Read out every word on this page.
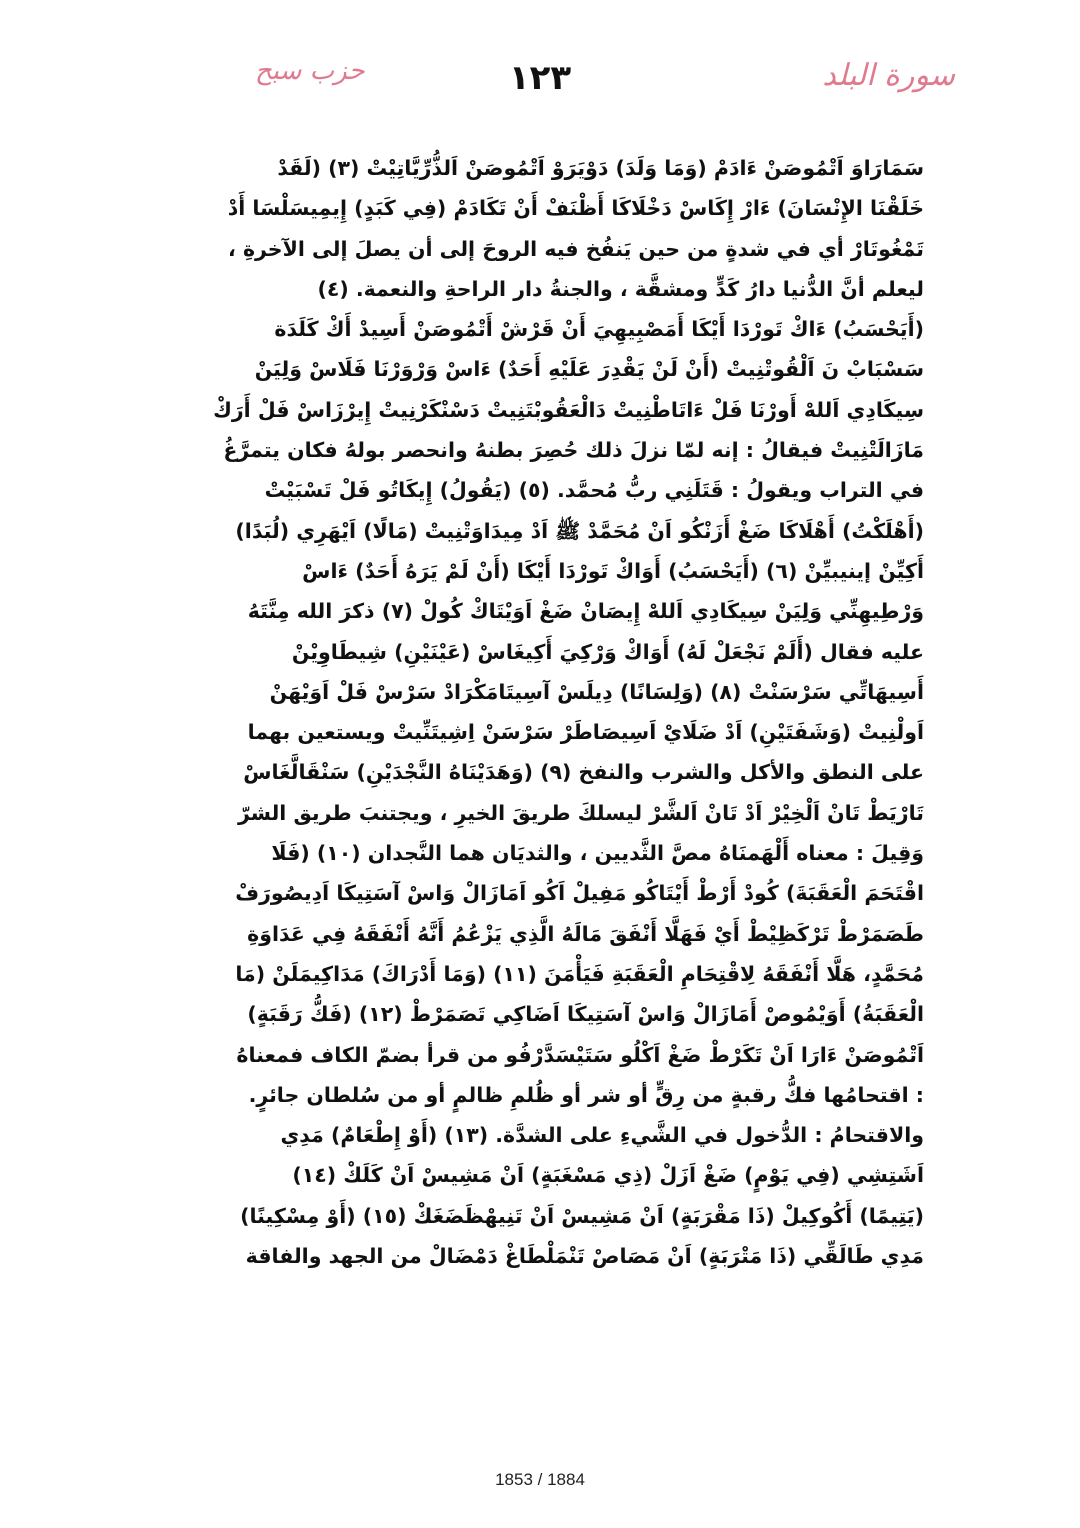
سورة البلد
١٢٣
حزب سبح
سَمَارَاوَ اَتْمُوصَنْ ءَادَمْ (وَمَا وَلَدَ) دَوْيَرَوْ اَتْمُوصَنْ اَلذُّرِّيَّاتِيْتْ (٣) (لَقَدْ
خَلَقْنَا الإِنْسَانَ) ءَارْ إِكَاسْ دَخْلَاكَا أَظْنَفْ أَنْ تَكَادَمْ (فِي كَبَدٍ) إِيمِيسَلْسَا أَدْ
تَمْغُوتَارْ أي في شدةٍ من حين يَنفُخ فيه الروحَ إلى أن يصلَ إلى الآخرةِ ،
ليعلم أنَّ الدُّنيا دارُ كَدٍّ ومشقَّة ، والجنةُ دار الراحةِ والنعمة. (٤)
(أَيَحْسَبُ) ءَاكْ تَورْدَا أَيْكَا أَمَصْبِيهِيَ أَنْ قَرْشْ أَتْمُوصَنْ أَسِيدْ أَكْ كَلَدَة
سَسْبَابْ نَ اَلْقُوتْنِيتْ (أَنْ لَنْ يَقْدِرَ عَلَيْهِ أَحَدٌ) ءَاسْ وَرْوَرْنَا فَلَاسْ وَلِيَنْ
سِيكَادِي اَللهْ أَورْنَا فَلْ ءَاتَاطْنِيتْ دَالْعَقُوبْتَنِيتْ دَسْنْكَرْنِيتْ إِيرْزَاسْ فَلْ أَرَكْ
مَازَالَتْنِيتْ فيقالُ : إنه لمّا نزلَ ذلك حُصِرَ بطنهُ وانحصر بولهُ فكان يتمرَّغُ
في التراب ويقولُ : قَتَلَنِي ربُّ مُحمَّد. (٥) (يَقُولُ) إِيكَاتُو فَلْ تَسْبَيْتْ
(أَهْلَكْتُ) أَهْلَاكَا ضَغْ أَزَنْكُو اَنْ مُحَمَّدْ ﷺ اَدْ مِيدَاوَتْنِيتْ (مَالًا) اَيْهَرِي (لُبَدًا)
أَكِيِّنْ إينيبيِّنْ (٦) (أَيَحْسَبُ) أَوَاكْ تَورْدَا أَيْكَا (أَنْ لَمْ يَرَهُ أَحَدٌ) ءَاسْ
وَرْطِيهِنِّي وَلِيَنْ سِيكَادِي اَللهْ إِيصَانْ ضَغْ اَوَيْتَاكْ كُولْ (٧) ذكرَ الله مِنَّتَهُ
عليه فقال (أَلَمْ نَجْعَلْ لَهُ) أَوَاكْ وَرْكِيَ أَكِيغَاسْ (عَيْنَيْنِ) شِيطَاوِيْنْ
أَسِيهَاتِّي سَرْسَنْتْ (٨) (وَلِسَانًا) دِيلَسْ آسِيتَامَكْرَادْ سَرْسْ فَلْ اَوَيْهَنْ
اَولْنِيتْ (وَشَفَتَيْنِ) اَدْ ضَلَايْ اَسِيصَاطَرْ سَرْسَنْ اِشِيتَنِّيتْ ويستعين بهما
على النطق والأكل والشرب والنفخ (٩) (وَهَدَيْنَاهُ النَّجْدَيْنِ) سَنْقَالَّغَاسْ
تَارْيَطْ تَانْ اَلْخِيْرْ اَدْ تَانْ اَلشَّرْ ليسلكَ طريقَ الخيرِ ، ويجتنبَ طريق الشرّ
وَقِيلَ : معناه أَلْهَمنَاهُ مصَّ الثَّديين ، والثديَان هما النَّجدان (١٠) (فَلَا
اقْتَحَمَ الْعَقَبَةَ) كُودْ أَرْطْ أَيْتَاكُو مَفِيلْ اَكُو اَمَازَالْ وَاسْ آسَتِيكَا اَدِيصُورَفْ
طَصَمَرْطْ تَرْكَظِيْطْ أَيْ فَهَلَّا أَنْفَقَ مَالَهُ الَّذِي يَزْعُمُ أَنَّهُ أَنْفَقَهُ فِي عَدَاوَةِ
مُحَمَّدٍ، هَلَّا أَنْفَقَهُ لِاقْتِحَامِ الْعَقَبَةِ فَيَأْمَنَ (١١) (وَمَا أَدْرَاكَ) مَدَاكِيمَلَنْ (مَا
الْعَقَبَةُ) أَوَيْمُوصْ أَمَازَالْ وَاسْ آسَتِيكَا اَضَاكِي تَصَمَرْطْ (١٢) (فَكُّ رَقَبَةٍ)
اَتْمُوصَنْ ءَارَا اَنْ تَكَرْطْ ضَغْ اَكْلُو سَتَيْسَدَّرْفُو من قرأ بضمّ الكاف فمعناهُ
: اقتحامُها فكُّ رقبةٍ من رِقٍّ أو شر أو ظُلمِ ظالمٍ أو من سُلطان جائرٍ.
والاقتحامُ : الدُّخول في الشَّيءِ على الشدَّة. (١٣) (أَوْ إِطْعَامٌ) مَدِي
اَشَتِشِي (فِي يَوْمٍ) ضَغْ اَزَلْ (ذِي مَسْغَبَةٍ) اَنْ مَشِيسْ اَنْ كَلَكْ (١٤)
(يَتِيمًا) أَكُوكِيلْ (ذَا مَقْرَبَةٍ) اَنْ مَشِيسْ اَنْ تَنِيهْظَضَغَكْ (١٥) (أَوْ مِسْكِينًا)
مَدِي طَالَقِّي (ذَا مَتْرَبَةٍ) اَنْ مَصَاصْ تَنْمَلْطَاغْ دَمْضَالْ من الجهد والفاقة
1853 / 1884
